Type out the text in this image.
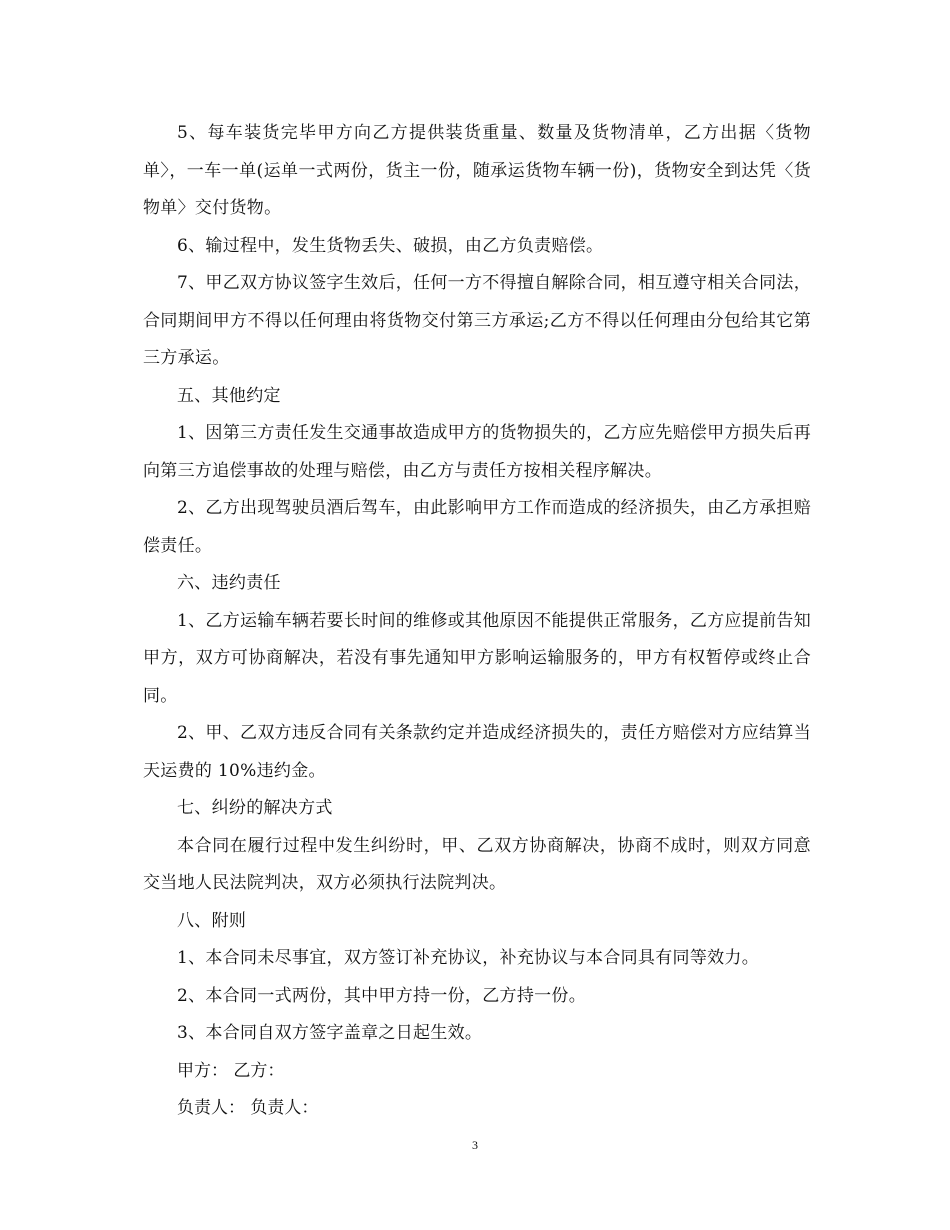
5、每车装货完毕甲方向乙方提供装货重量、数量及货物清单，乙方出据〈货物单〉，一车一单(运单一式两份，货主一份，随承运货物车辆一份)，货物安全到达凭〈货物单〉交付货物。

6、输过程中，发生货物丢失、破损，由乙方负责赔偿。

7、甲乙双方协议签字生效后，任何一方不得擅自解除合同，相互遵守相关合同法，合同期间甲方不得以任何理由将货物交付第三方承运;乙方不得以任何理由分包给其它第三方承运。

五、其他约定

1、因第三方责任发生交通事故造成甲方的货物损失的，乙方应先赔偿甲方损失后再向第三方追偿事故的处理与赔偿，由乙方与责任方按相关程序解决。

2、乙方出现驾驶员酒后驾车，由此影响甲方工作而造成的经济损失，由乙方承担赔偿责任。

六、违约责任

1、乙方运输车辆若要长时间的维修或其他原因不能提供正常服务，乙方应提前告知甲方，双方可协商解决，若没有事先通知甲方影响运输服务的，甲方有权暂停或终止合同。

2、甲、乙双方违反合同有关条款约定并造成经济损失的，责任方赔偿对方应结算当天运费的 10%违约金。

七、纠纷的解决方式

本合同在履行过程中发生纠纷时，甲、乙双方协商解决，协商不成时，则双方同意交当地人民法院判决，双方必须执行法院判决。

八、附则

1、本合同未尽事宜，双方签订补充协议，补充协议与本合同具有同等效力。

2、本合同一式两份，其中甲方持一份，乙方持一份。

3、本合同自双方签字盖章之日起生效。

甲方： 乙方：

负责人： 负责人：

3
